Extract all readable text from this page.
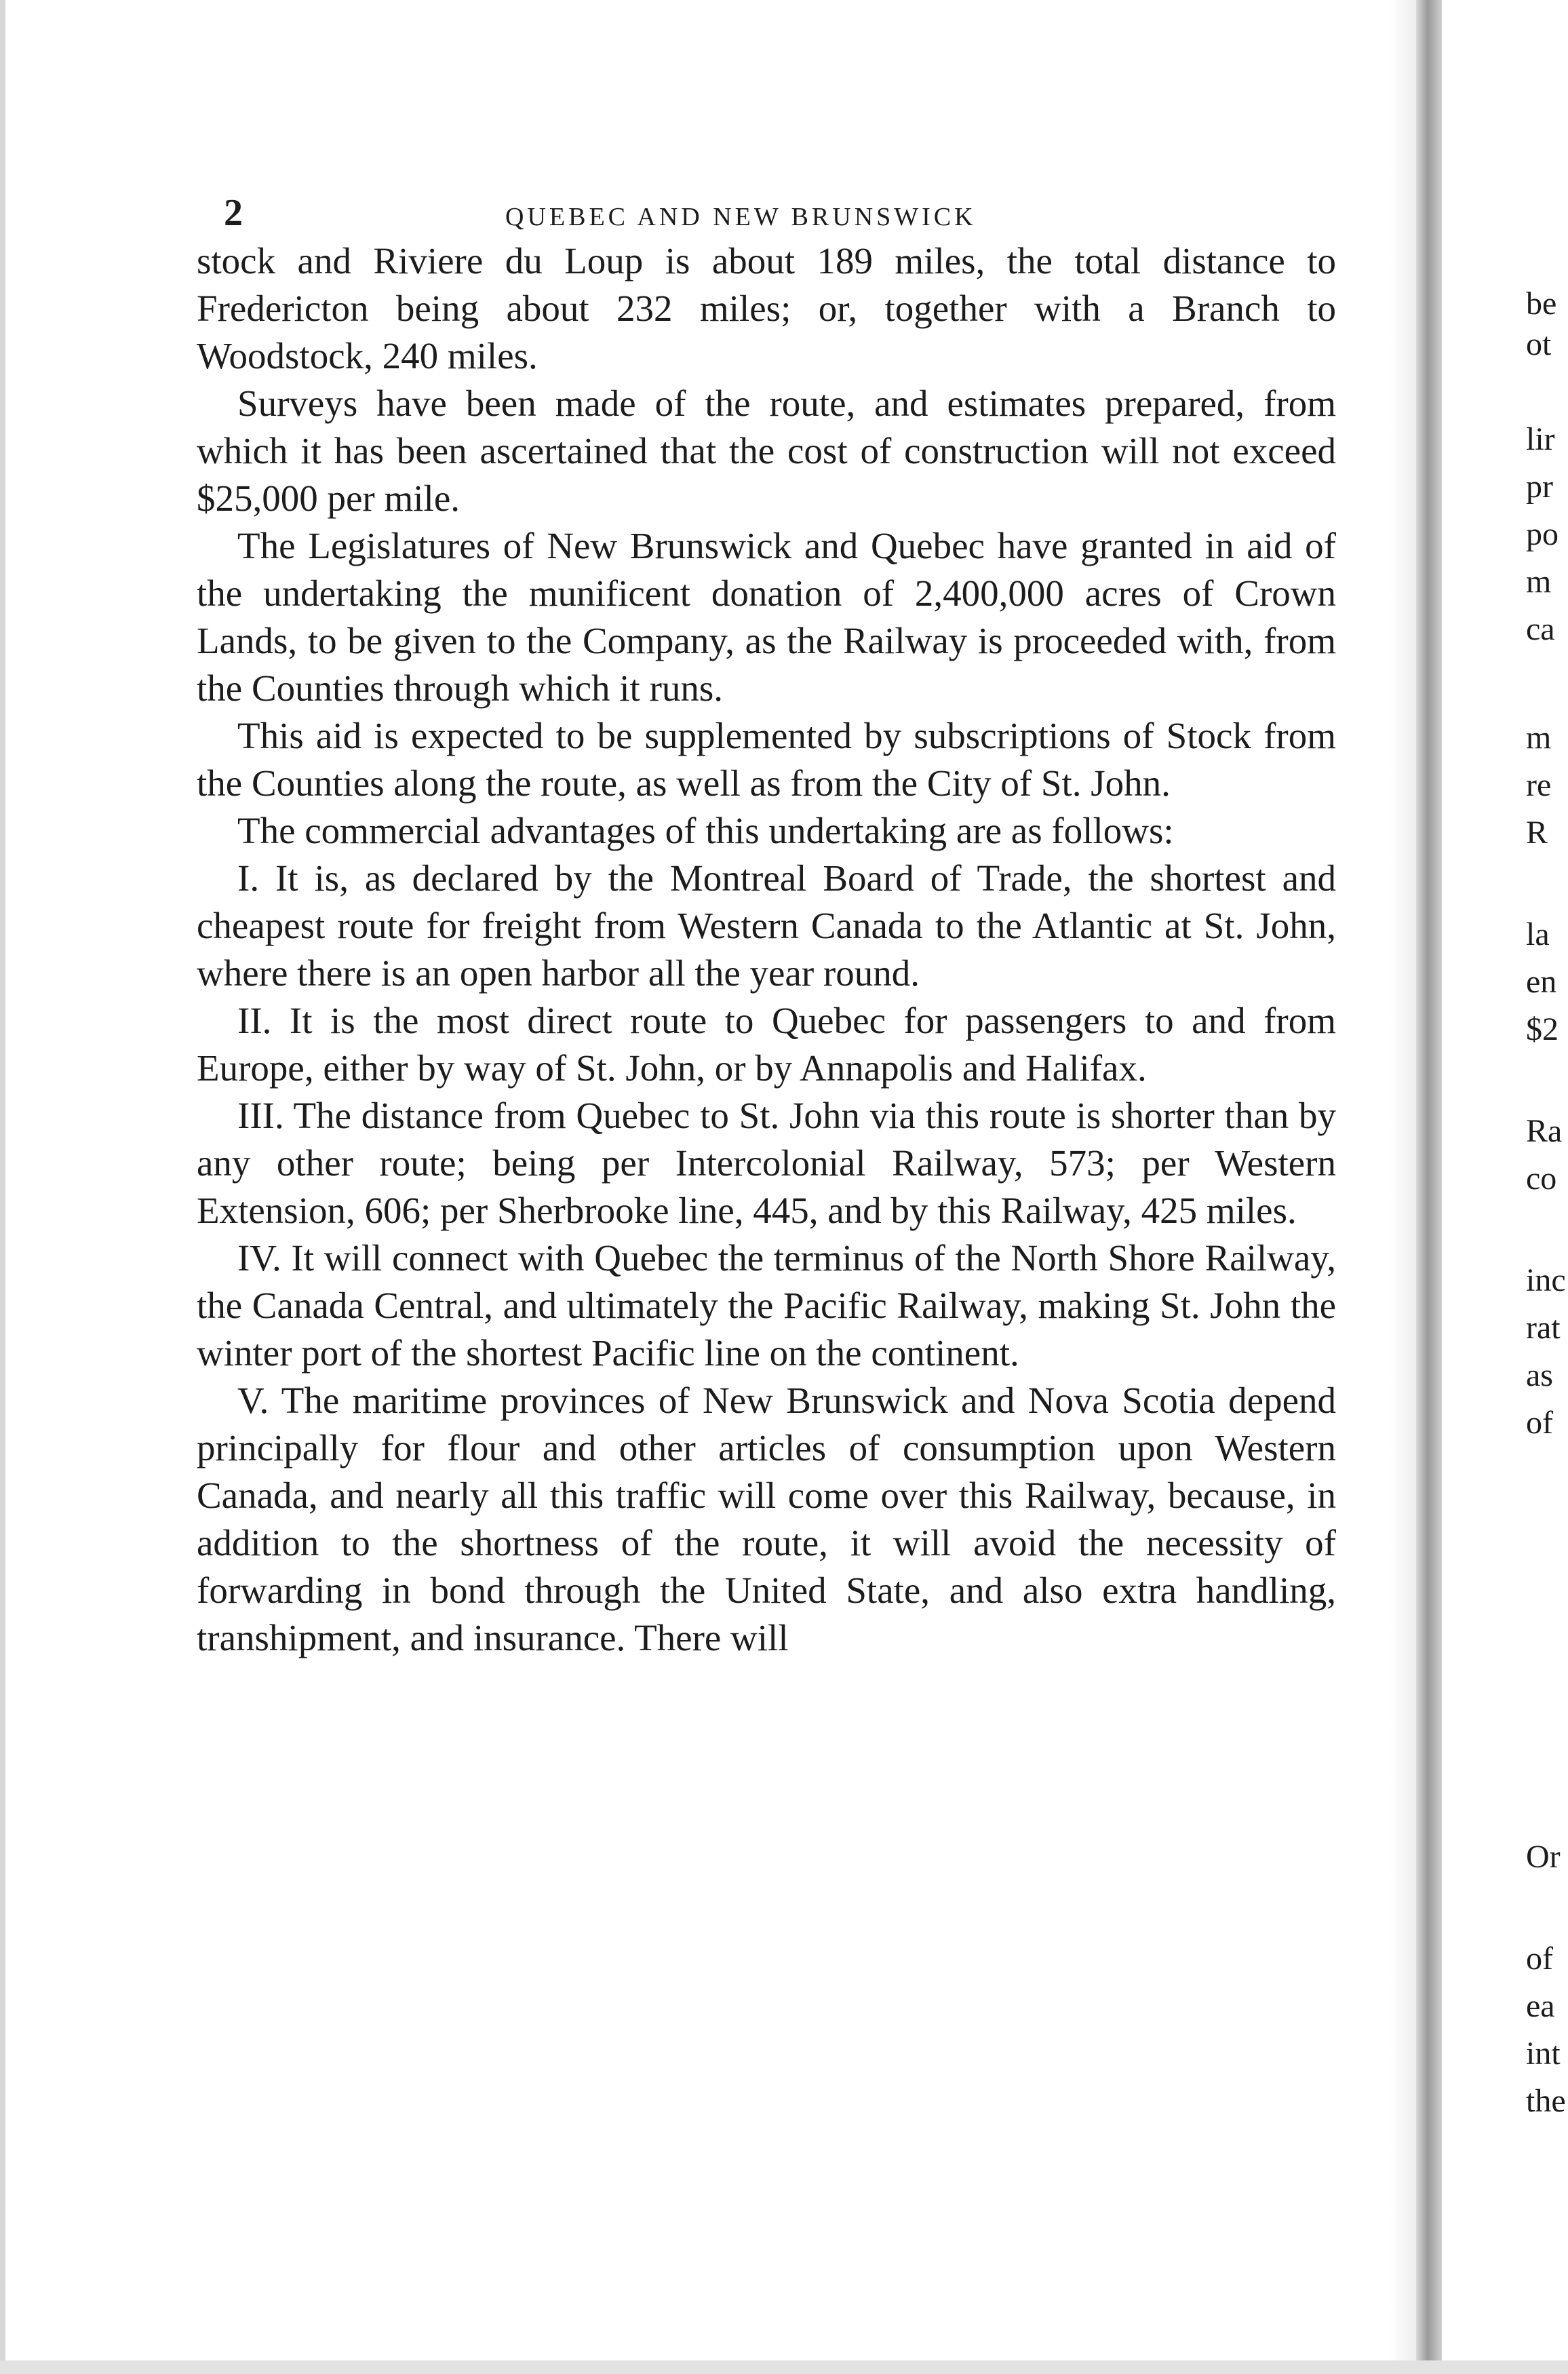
2	QUEBEC AND NEW BRUNSWICK

stock and Riviere du Loup is about 189 miles, the total distance to Fredericton being about 232 miles; or, together with a Branch to Woodstock, 240 miles.

Surveys have been made of the route, and estimates prepared, from which it has been ascertained that the cost of construction will not exceed $25,000 per mile.

The Legislatures of New Brunswick and Quebec have granted in aid of the undertaking the munificent donation of 2,400,000 acres of Crown Lands, to be given to the Company, as the Railway is proceeded with, from the Counties through which it runs.

This aid is expected to be supplemented by subscriptions of Stock from the Counties along the route, as well as from the City of St. John.

The commercial advantages of this undertaking are as follows:

I. It is, as declared by the Montreal Board of Trade, the shortest and cheapest route for freight from Western Canada to the Atlantic at St. John, where there is an open harbor all the year round.

II. It is the most direct route to Quebec for passengers to and from Europe, either by way of St. John, or by Annapolis and Halifax.

III. The distance from Quebec to St. John via this route is shorter than by any other route; being per Intercolonial Railway, 573; per Western Extension, 606; per Sherbrooke line, 445, and by this Railway, 425 miles.

IV. It will connect with Quebec the terminus of the North Shore Railway, the Canada Central, and ultimately the Pacific Railway, making St. John the winter port of the shortest Pacific line on the continent.

V. The maritime provinces of New Brunswick and Nova Scotia depend principally for flour and other articles of consumption upon Western Canada, and nearly all this traffic will come over this Railway, because, in addition to the shortness of the route, it will avoid the necessity of forwarding in bond through the United State, and also extra handling, transhipment, and insurance. There will

be
ot
lir
pr
po
m
ca
m
re
R
la
en
$2
Ra
co
inc
rat
as
of
Or
of
ea
int
the
